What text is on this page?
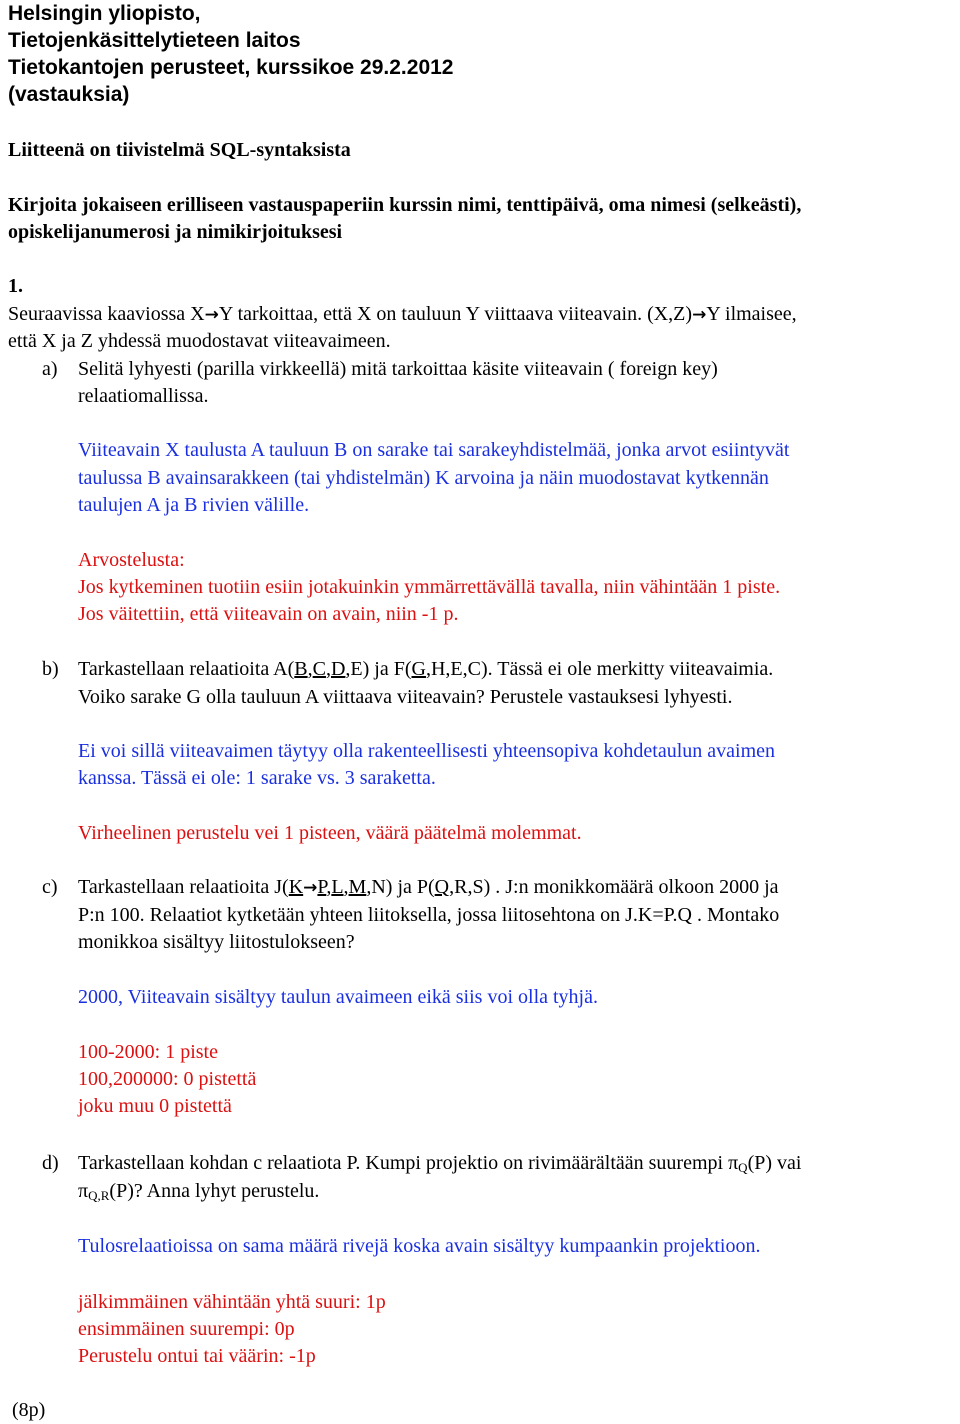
Helsingin yliopisto,
Tietojenkäsittelytieteen laitos
Tietokantojen perusteet, kurssikoe 29.2.2012
(vastauksia)
Liitteenä on tiivistelmä SQL-syntaksista
Kirjoita jokaiseen erilliseen vastauspaperiin kurssin nimi, tenttipäivä, oma nimesi (selkeästi),
opiskelijanumerosi ja nimikirjoituksesi
1.
Seuraavissa kaaviossa X→Y tarkoittaa, että X on tauluun Y viittaava viiteavain. (X,Z)→Y ilmaisee,
että X ja Z yhdessä muodostavat viiteavaimeen.
a) Selitä lyhyesti (parilla virkkeellä) mitä tarkoittaa käsite viiteavain ( foreign key)
relaatiomallissa.
Viiteavain X taulusta A tauluun B on sarake tai sarakeyhdistelmää, jonka arvot esiintyvät
taulussa B avainsarakkeen (tai yhdistelmän) K arvoina ja näin muodostavat kytkennän
taulujen A ja B rivien välille.
Arvostelusta:
Jos kytkeminen tuotiin esiin jotakuinkin ymmärrettävällä tavalla, niin vähintään 1 piste.
Jos väitettiin, että viiteavain on avain, niin -1 p.
b) Tarkastellaan relaatioita A(B,C,D,E) ja F(G,H,E,C). Tässä ei ole merkitty viiteavaimia.
Voiko sarake G olla tauluun A viittaava viiteavain? Perustele vastauksesi lyhyesti.
Ei voi sillä viiteavaimen täytyy olla rakenteellisesti yhteensopiva kohdetaulun avaimen
kanssa. Tässä ei ole: 1 sarake vs. 3 saraketta.
Virheelinen perustelu vei 1 pisteen, väärä päätelmä molemmat.
c) Tarkastellaan relaatioita J(K→P,L,M,N) ja P(Q,R,S) . J:n monikkomäärä olkoon 2000 ja
P:n 100. Relaatiot kytketään yhteen liitoksella, jossa liitosehtona on J.K=P.Q . Montako
monikkoa sisältyy liitostulokseen?
2000, Viiteavain sisältyy taulun avaimeen eikä siis voi olla tyhjä.
100-2000: 1 piste
100,200000: 0 pistettä
joku muu 0 pistettä
d) Tarkastellaan kohdan c relaatiota P. Kumpi projektio on rivimäärältään suurempi $\pi_Q(P)$ vai
$\pi_{Q,R}(P)$? Anna lyhyt perustelu.
Tulosrelaatioissa on sama määrä rivejä koska avain sisältyy kumpaankin projektioon.
jälkimmäinen vähintään yhtä suuri: 1p
ensimmäinen suurempi: 0p
Perustelu ontui tai väärin: -1p
(8p)
